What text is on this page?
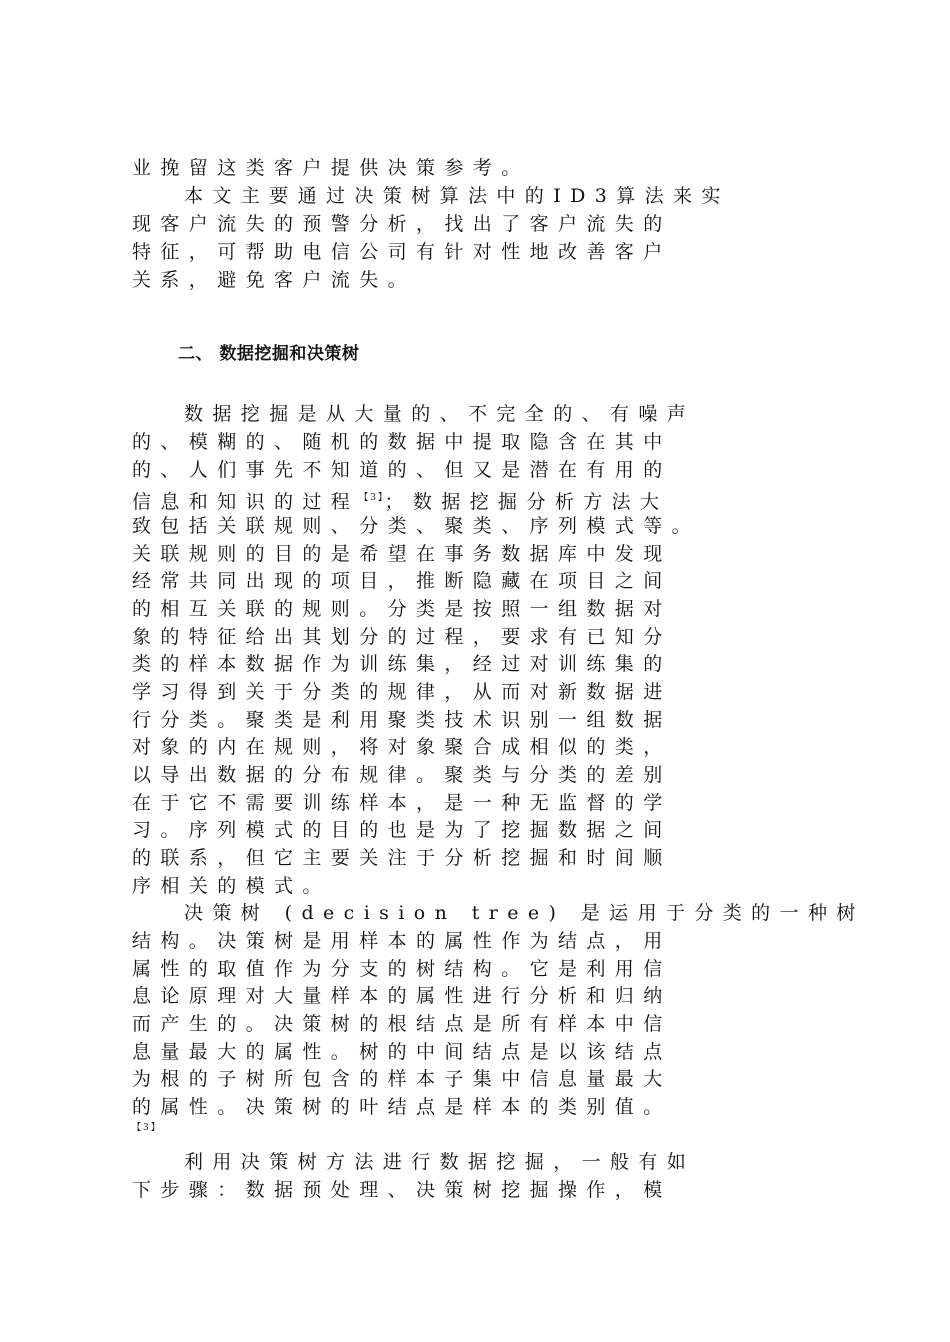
业挽留这类客户提供决策参考。
本文主要通过决策树算法中的ID3算法来实
现客户流失的预警分析，找出了客户流失的
特征，可帮助电信公司有针对性地改善客户
关系，避免客户流失。
二、 数据挖掘和决策树
数据挖掘是从大量的、不完全的、有噪声
的、模糊的、随机的数据中提取隐含在其中
的、人们事先不知道的、但又是潜在有用的
信息和知识的过程$^{【3】}$；数据挖掘分析方法大
致包括关联规则、分类、聚类、序列模式等。
关联规则的目的是希望在事务数据库中发现
经常共同出现的项目，推断隐藏在项目之间
的相互关联的规则。分类是按照一组数据对
象的特征给出其划分的过程，要求有已知分
类的样本数据作为训练集，经过对训练集的
学习得到关于分类的规律，从而对新数据进
行分类。聚类是利用聚类技术识别一组数据
对象的内在规则，将对象聚合成相似的类，
以导出数据的分布规律。聚类与分类的差别
在于它不需要训练样本，是一种无监督的学
习。序列模式的目的也是为了挖掘数据之间
的联系，但它主要关注于分析挖掘和时间顺
序相关的模式。
决策树 (decision tree) 是运用于分类的一种树
结构。决策树是用样本的属性作为结点，用
属性的取值作为分支的树结构。它是利用信
息论原理对大量样本的属性进行分析和归纳
而产生的。决策树的根结点是所有样本中信
息量最大的属性。树的中间结点是以该结点
为根的子树所包含的样本子集中信息量最大
的属性。决策树的叶结点是样本的类别值。
【3】
利用决策树方法进行数据挖掘，一般有如
下步骤：数据预处理、决策树挖掘操作，模
